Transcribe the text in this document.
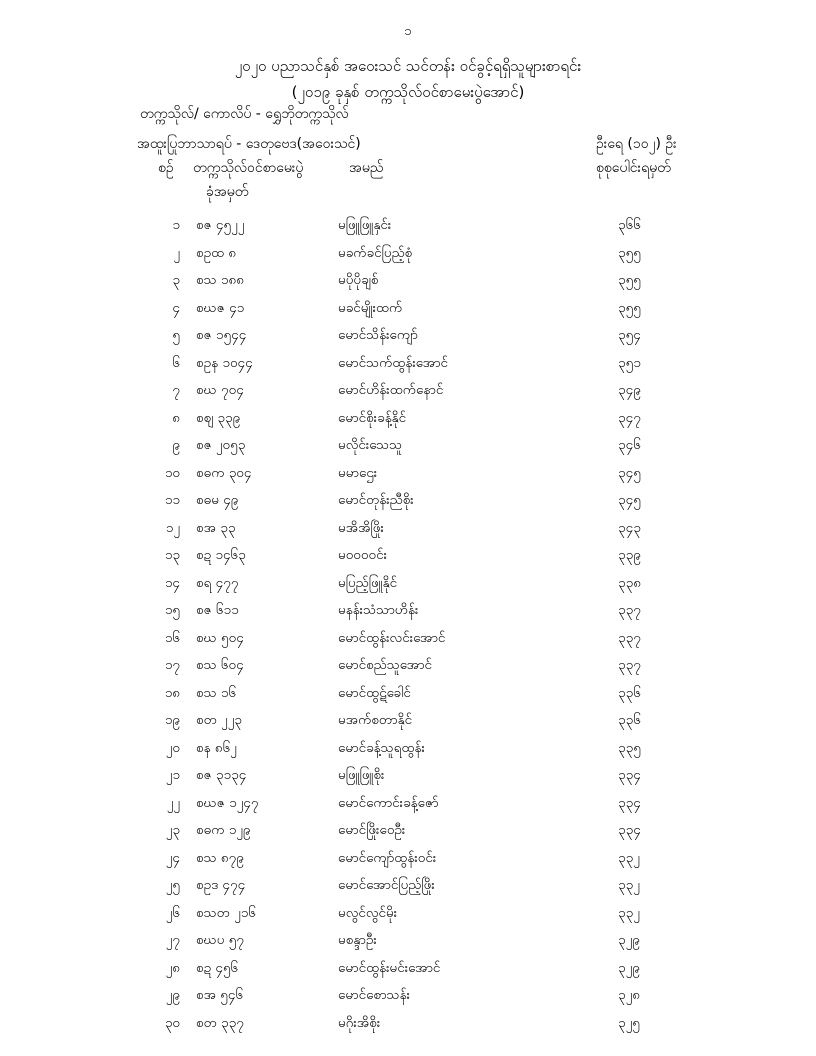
၁
၂၀၂၀ ပညာသင်နှစ် အဝေးသင် သင်တန်း ဝင်ခွင့်ရရှိသူများစာရင်း
(၂၀၁၉ ခုနှစ် တက္ကသိုလ်ဝင်စာမေးပွဲအောင်)
တက္ကသိုလ်/ ကောလိပ် - ရွှေဘိုတက္ကသိုလ်
အထူးပြုဘာသာရပ် - ဒေတုဗေဒ(အဝေးသင်)	ဦးရေ (၁၀၂) ဦး
စဉ် တက္ကသိုလ်ဝင်စာမေးပွဲ
ခုံအမှတ်
အမည်	စုစုပေါင်းရမှတ်
၁ စဇ ၄၅၂၂	မဖြူဖြူနှင်း	၃၆၆
၂ စဥထ ၈	မခက်ခင်ပြည့်စုံ	၃၅၅
၃ စသ ၁၈၈	မပိုပိုချစ်	၃၅၅
၄ စဃဇ ၄၁	မခင်မျိုးထက်	၃၅၅
၅ စဇ ၁၅၄၄	မောင်သိန်းကျော်	၃၅၄
၆ စဥန ၁၀၄၄	မောင်သက်ထွန်းအောင်	၃၅၁
၇ စဃ ၇၀၄	မောင်ဟိန်းထက်နောင်	၃၄၉
၈ စဈ ၃၃၉	မောင်စိုးခန့်နိုင်	၃၄၇
၉ စဇ ၂၀၅၃	မလိုင်းသေသူ	၃၄၆
၁၀ စဓက ၃၀၄	မမာဌေး	၃၄၅
၁၁ စဓမ ၄၉	မောင်တုန်းညီစိုး	၃၄၅
၁၂ စအ ၃၃	မအိအိဖြိုး	၃၄၃
၁၃ စဍ ၁၄၆၃	မ၀၀၀၀င်း	၃၃၉
၁၄ စရ ၄၇၇	မပြည့်ဖြူနိုင်	၃၃၈
၁၅ စဇ ၆၁၁	မနန်းသံသာဟိန်း	၃၃၇
၁၆ စဃ ၅၀၄	မောင်ထွန်းလင်းအောင်	၃၃၇
၁၇ စသ ၆၀၄	မောင်စည်သူအောင်	၃၃၇
၁၈ စသ ၁၆	မောင်ထွဋ်ခေါင်	၃၃၆
၁၉ စတ ၂၂၃	မအက်စတာနိုင်	၃၃၆
၂၀ စန ၈၆၂	မောင်ခန့်သူရထွန်း	၃၃၅
၂၁ စဇ ၃၁၃၄	မဖြူဖြူစိုး	၃၃၄
၂၂ စဃဇ ၁၂၄၇	မောင်ကောင်းခန့်ဇော်	၃၃၄
၂၃ စဓက ၁၂၉	မောင်ဖြိုးဝေဦး	၃၃၄
၂၄ စသ ၈၇၉	မောင်ကျော်ထွန်းဝင်း	၃၃၂
၂၅ စဥဒ ၄၇၄	မောင်အောင်ပြည့်ဖြိုး	၃၃၂
၂၆ စသတ ၂၁၆	မလွင်လွင်မိုး	၃၃၂
၂၇ စဃပ ၅၇	မစန္ဒာဦး	၃၂၉
၂၈ စဍ ၄၅၆	မောင်ထွန်းမင်းအောင်	၃၂၉
၂၉ စအ ၅၄၆	မောင်စောသန်း	၃၂၈
၃၀ စတ ၃၃၇	မဂိုးအိစိုး	၃၂၅
